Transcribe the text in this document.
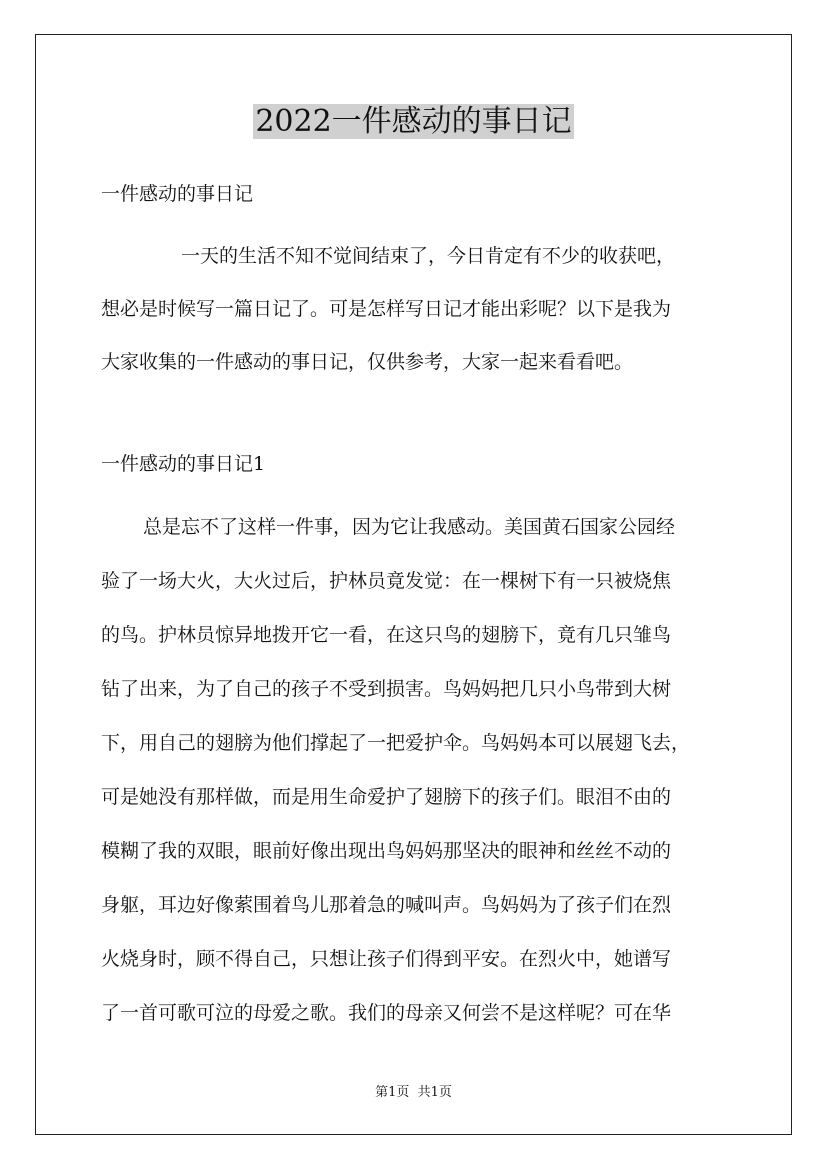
2022一件感动的事日记

一件感动的事日记

一天的生活不知不觉间结束了，今日肯定有不少的收获吧，
想必是时候写一篇日记了。可是怎样写日记才能出彩呢？以下是我为
大家收集的一件感动的事日记，仅供参考，大家一起来看看吧。
一件感动的事日记1
总是忘不了这样一件事，因为它让我感动。美国黄石国家公园经
验了一场大火，大火过后，护林员竟发觉：在一棵树下有一只被烧焦
的鸟。护林员惊异地拨开它一看，在这只鸟的翅膀下，竟有几只雏鸟
钻了出来，为了自己的孩子不受到损害。鸟妈妈把几只小鸟带到大树
下，用自己的翅膀为他们撑起了一把爱护伞。鸟妈妈本可以展翅飞去，
可是她没有那样做，而是用生命爱护了翅膀下的孩子们。眼泪不由的
模糊了我的双眼，眼前好像出现出鸟妈妈那坚决的眼神和丝丝不动的
身躯，耳边好像萦围着鸟儿那着急的喊叫声。鸟妈妈为了孩子们在烈
火烧身时，顾不得自己，只想让孩子们得到平安。在烈火中，她谱写
了一首可歌可泣的母爱之歌。我们的母亲又何尝不是这样呢？可在华
第1页  共1页
